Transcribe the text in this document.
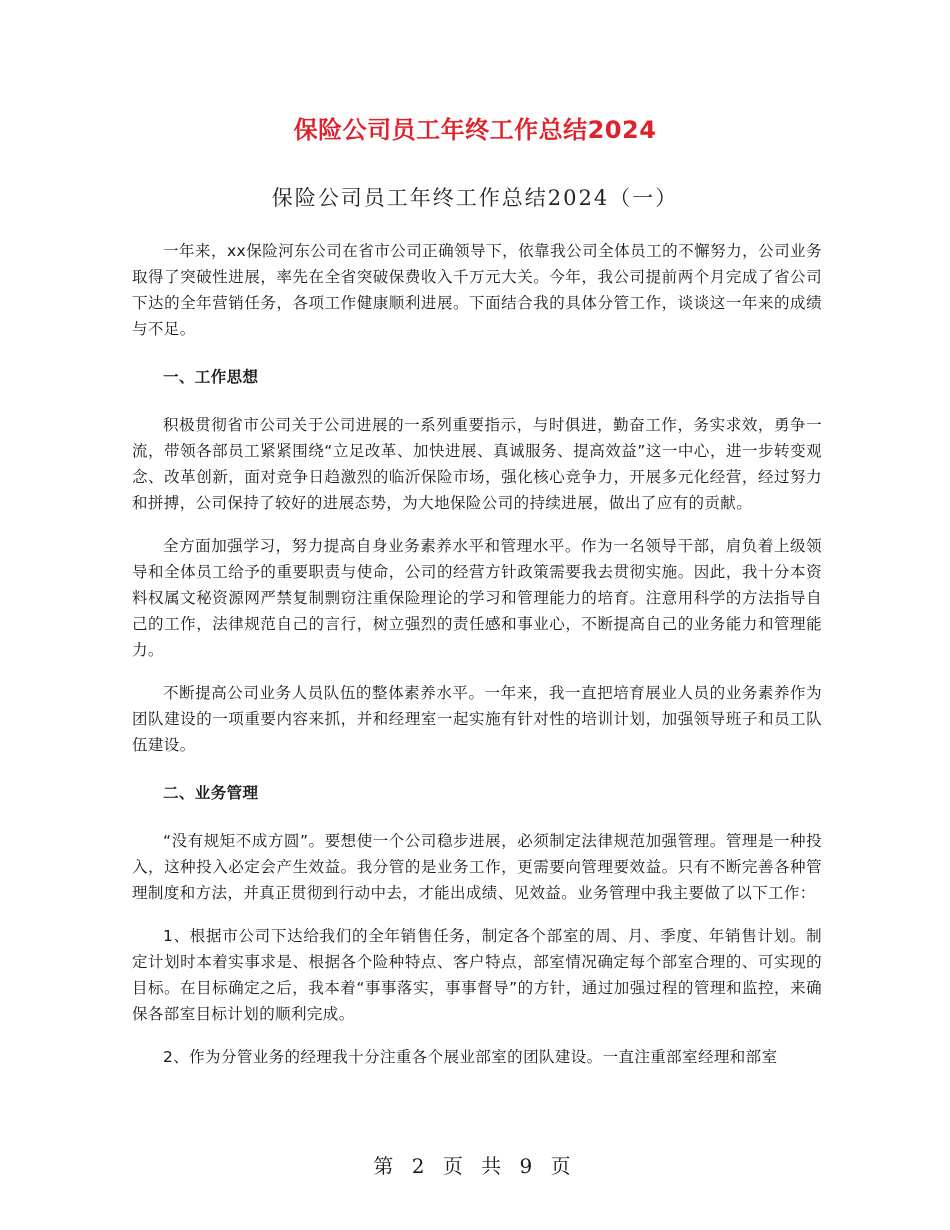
保险公司员工年终工作总结2024
保险公司员工年终工作总结2024（一）

一年来，xx保险河东公司在省市公司正确领导下，依靠我公司全体员工的不懈努力，公司业务取得了突破性进展，率先在全省突破保费收入千万元大关。今年，我公司提前两个月完成了省公司下达的全年营销任务，各项工作健康顺利进展。下面结合我的具体分管工作，谈谈这一年来的成绩与不足。

一、工作思想

积极贯彻省市公司关于公司进展的一系列重要指示，与时俱进，勤奋工作，务实求效，勇争一流，带领各部员工紧紧围绕“立足改革、加快进展、真诚服务、提高效益”这一中心，进一步转变观念、改革创新，面对竞争日趋激烈的临沂保险市场，强化核心竞争力，开展多元化经营，经过努力和拼搏，公司保持了较好的进展态势，为大地保险公司的持续进展，做出了应有的贡献。

全方面加强学习，努力提高自身业务素养水平和管理水平。作为一名领导干部，肩负着上级领导和全体员工给予的重要职责与使命，公司的经营方针政策需要我去贯彻实施。因此，我十分本资料权属文秘资源网严禁复制剽窃注重保险理论的学习和管理能力的培育。注意用科学的方法指导自己的工作，法律规范自己的言行，树立强烈的责任感和事业心，不断提高自己的业务能力和管理能力。

不断提高公司业务人员队伍的整体素养水平。一年来，我一直把培育展业人员的业务素养作为团队建设的一项重要内容来抓，并和经理室一起实施有针对性的培训计划，加强领导班子和员工队伍建设。

二、业务管理

“没有规矩不成方圆”。要想使一个公司稳步进展，必须制定法律规范加强管理。管理是一种投入，这种投入必定会产生效益。我分管的是业务工作，更需要向管理要效益。只有不断完善各种管理制度和方法，并真正贯彻到行动中去，才能出成绩、见效益。业务管理中我主要做了以下工作：

1、根据市公司下达给我们的全年销售任务，制定各个部室的周、月、季度、年销售计划。制定计划时本着实事求是、根据各个险种特点、客户特点，部室情况确定每个部室合理的、可实现的目标。在目标确定之后，我本着“事事落实，事事督导”的方针，通过加强过程的管理和监控，来确保各部室目标计划的顺利完成。

2、作为分管业务的经理我十分注重各个展业部室的团队建设。一直注重部室经理和部室

第 2 页 共 9 页
